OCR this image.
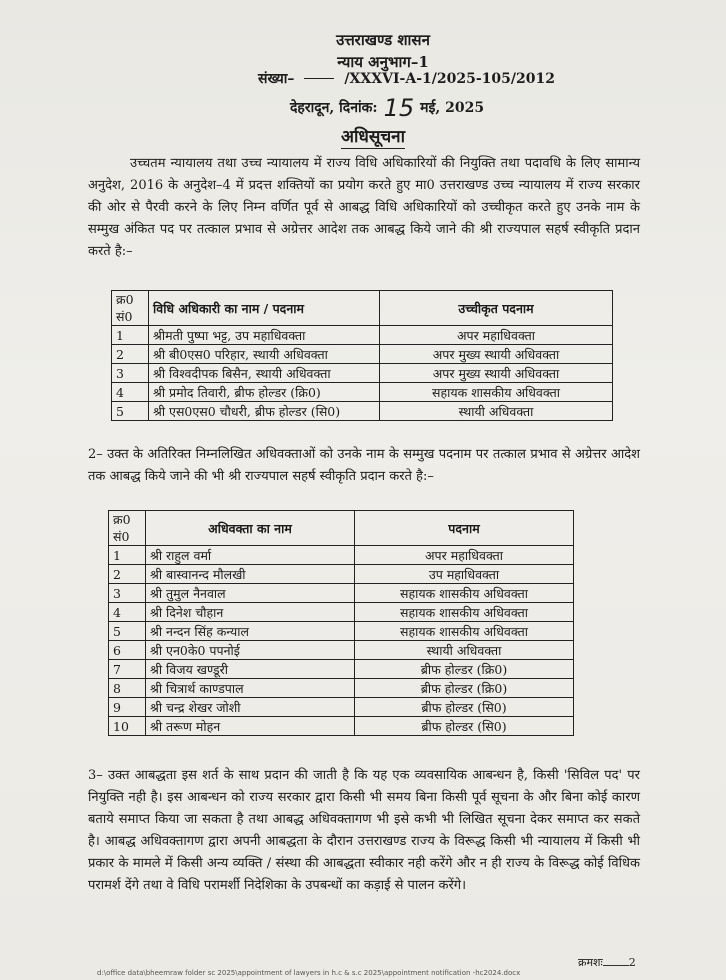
उत्तराखण्ड शासन
न्याय अनुभाग–1
संख्या–	/XXXVI-A-1/2025-105/2012
देहरादून, दिनांक: 15 मई, 2025
अधिसूचना
उच्चतम न्यायालय तथा उच्च न्यायालय में राज्य विधि अधिकारियों की नियुक्ति तथा पदावधि के लिए सामान्य अनुदेश, 2016 के अनुदेश–4 में प्रदत्त शक्तियों का प्रयोग करते हुए मा0 उत्तराखण्ड उच्च न्यायालय में राज्य सरकार की ओर से पैरवी करने के लिए निम्न वर्णित पूर्व से आबद्ध विधि अधिकारियों को उच्चीकृत करते हुए उनके नाम के सम्मुख अंकित पद पर तत्काल प्रभाव से अग्रेत्तर आदेश तक आबद्ध किये जाने की श्री राज्यपाल सहर्ष स्वीकृति प्रदान करते है:–
क्र0 सं0	विधि अधिकारी का नाम / पदनाम	उच्चीकृत पदनाम
1	श्रीमती पुष्पा भट्ट, उप महाधिवक्ता	अपर महाधिवक्ता
2	श्री बी0एस0 परिहार, स्थायी अधिवक्ता	अपर मुख्य स्थायी अधिवक्ता
3	श्री विश्वदीपक बिसैन, स्थायी अधिवक्ता	अपर मुख्य स्थायी अधिवक्ता
4	श्री प्रमोद तिवारी, ब्रीफ होल्डर (क्रि0)	सहायक शासकीय अधिवक्ता
5	श्री एस0एस0 चौधरी, ब्रीफ होल्डर (सि0)	स्थायी अधिवक्ता
2– उक्त के अतिरिक्त निम्नलिखित अधिवक्ताओं को उनके नाम के सम्मुख पदनाम पर तत्काल प्रभाव से अग्रेत्तर आदेश तक आबद्ध किये जाने की भी श्री राज्यपाल सहर्ष स्वीकृति प्रदान करते है:–
क्र0 सं0	अधिवक्ता का नाम	पदनाम
1	श्री राहुल वर्मा	अपर महाधिवक्ता
2	श्री बास्वानन्द मौलखी	उप महाधिवक्ता
3	श्री तुमुल नैनवाल	सहायक शासकीय अधिवक्ता
4	श्री दिनेश चौहान	सहायक शासकीय अधिवक्ता
5	श्री नन्दन सिंह कन्याल	सहायक शासकीय अधिवक्ता
6	श्री एन0के0 पपनोई	स्थायी अधिवक्ता
7	श्री विजय खण्डूरी	ब्रीफ होल्डर (क्रि0)
8	श्री चित्रार्थ काण्डपाल	ब्रीफ होल्डर (क्रि0)
9	श्री चन्द्र शेखर जोशी	ब्रीफ होल्डर (सि0)
10	श्री तरूण मोहन	ब्रीफ होल्डर (सि0)
3– उक्त आबद्धता इस शर्त के साथ प्रदान की जाती है कि यह एक व्यवसायिक आबन्धन है, किसी 'सिविल पद' पर नियुक्ति नही है। इस आबन्धन को राज्य सरकार द्वारा किसी भी समय बिना किसी पूर्व सूचना के और बिना कोई कारण बताये समाप्त किया जा सकता है तथा आबद्ध अधिवक्तागण भी इसे कभी भी लिखित सूचना देकर समाप्त कर सकते है। आबद्ध अधिवक्तागण द्वारा अपनी आबद्धता के दौरान उत्तराखण्ड राज्य के विरूद्ध किसी भी न्यायालय में किसी भी प्रकार के मामले में किसी अन्य व्यक्ति / संस्था की आबद्धता स्वीकार नही करेंगे और न ही राज्य के विरूद्ध कोई विधिक परामर्श देंगे तथा वे विधि परामर्शी निदेशिका के उपबन्धों का कड़ाई से पालन करेंगे।
क्रमशः 2
d:\office data\bheemraw folder sc 2025\appointment of lawyers in h.c & s.c 2025\appointment notification -hc2024.docx
